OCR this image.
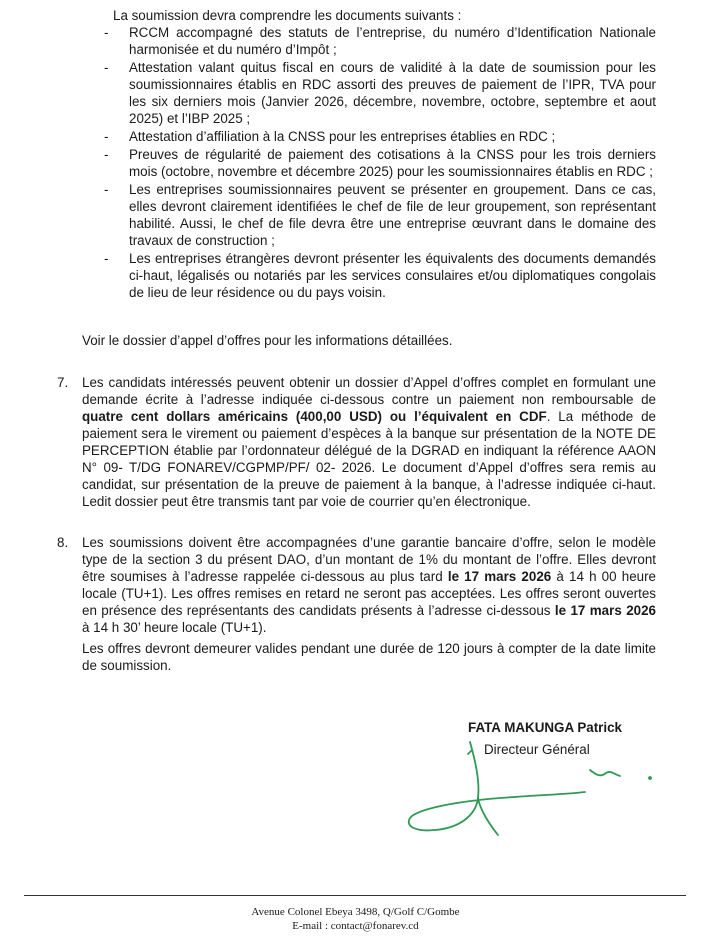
La soumission devra comprendre les documents suivants :
- RCCM accompagné des statuts de l’entreprise, du numéro d’Identification Nationale harmonisée et du numéro d’Impôt ;
- Attestation valant quitus fiscal en cours de validité à la date de soumission pour les soumissionnaires établis en RDC assorti des preuves de paiement de l’IPR, TVA pour les six derniers mois (Janvier 2026, décembre, novembre, octobre, septembre et aout 2025) et l’IBP 2025 ;
- Attestation d’affiliation à la CNSS pour les entreprises établies en RDC ;
- Preuves de régularité de paiement des cotisations à la CNSS pour les trois derniers mois (octobre, novembre et décembre 2025) pour les soumissionnaires établis en RDC ;
- Les entreprises soumissionnaires peuvent se présenter en groupement. Dans ce cas, elles devront clairement identifiées le chef de file de leur groupement, son représentant habilité. Aussi, le chef de file devra être une entreprise œuvrant dans le domaine des travaux de construction ;
- Les entreprises étrangères devront présenter les équivalents des documents demandés ci-haut, légalisés ou notariés par les services consulaires et/ou diplomatiques congolais de lieu de leur résidence ou du pays voisin.
Voir le dossier d’appel d’offres pour les informations détaillées.
7. Les candidats intéressés peuvent obtenir un dossier d’Appel d’offres complet en formulant une demande écrite à l’adresse indiquée ci-dessous contre un paiement non remboursable de quatre cent dollars américains (400,00 USD) ou l’équivalent en CDF. La méthode de paiement sera le virement ou paiement d’espèces à la banque sur présentation de la NOTE DE PERCEPTION établie par l’ordonnateur délégué de la DGRAD en indiquant la référence AAON N° 09- T/DG FONAREV/CGPMP/PF/ 02- 2026. Le document d’Appel d’offres sera remis au candidat, sur présentation de la preuve de paiement à la banque, à l’adresse indiquée ci-haut. Ledit dossier peut être transmis tant par voie de courrier qu’en électronique.
8. Les soumissions doivent être accompagnées d’une garantie bancaire d’offre, selon le modèle type de la section 3 du présent DAO, d’un montant de 1% du montant de l’offre. Elles devront être soumises à l’adresse rappelée ci-dessous au plus tard le 17 mars 2026 à 14 h 00 heure locale (TU+1). Les offres remises en retard ne seront pas acceptées. Les offres seront ouvertes en présence des représentants des candidats présents à l’adresse ci-dessous le 17 mars 2026 à 14 h 30’ heure locale (TU+1).
Les offres devront demeurer valides pendant une durée de 120 jours à compter de la date limite de soumission.
FATA MAKUNGA Patrick
Directeur Général
Avenue Colonel Ebeya 3498, Q/Golf C/Gombe
E-mail : contact@fonarev.cd
